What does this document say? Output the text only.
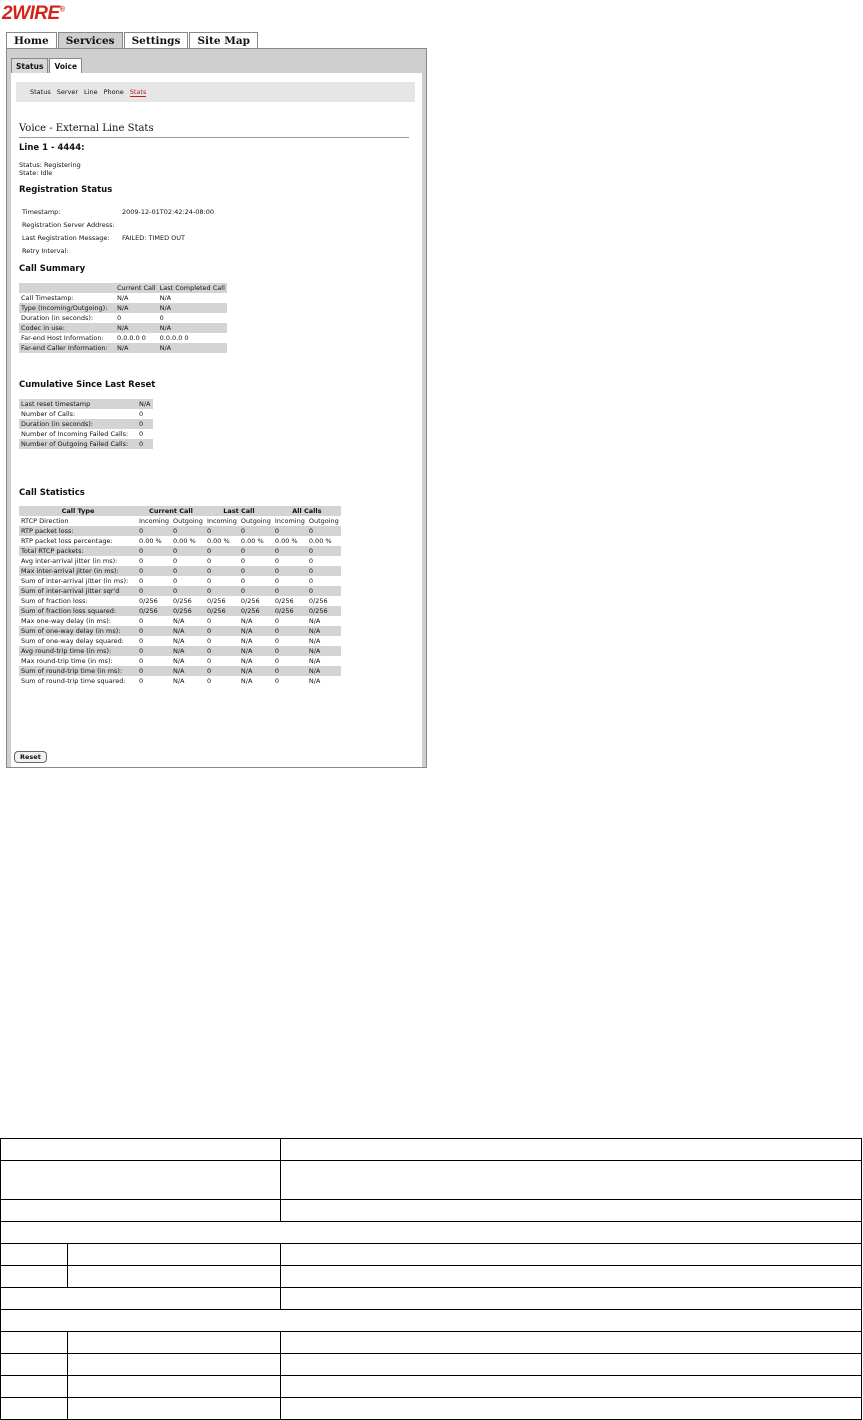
2WIRE®
Home	Services	Settings	Site Map
Status	Voice
Status Server Line Phone Stats
Voice - External Line Stats
Line 1 - 4444:
Status: Registering
State: Idle
Registration Status
Timestamp:	2009-12-01T02:42:24-08:00
Registration Server Address:
Last Registration Message: FAILED: TIMED OUT
Retry Interval:
Call Summary
	Current Call	Last Completed Call
Call Timestamp:	N/A	N/A
Type (Incoming/Outgoing):	N/A	N/A
Duration (in seconds):	0	0
Codec in use:	N/A	N/A
Far-end Host Information:	0.0.0.0 0	0.0.0.0 0
Far-end Caller Information:	N/A	N/A
Cumulative Since Last Reset
Last reset timestamp	N/A
Number of Calls:	0
Duration (in seconds):	0
Number of Incoming Failed Calls:	0
Number of Outgoing Failed Calls:	0
Call Statistics
Call Type	Current Call		Last Call		All Calls	
RTCP Direction	Incoming	Outgoing	Incoming	Outgoing	Incoming	Outgoing
RTP packet loss:	0	0	0	0	0	0
RTP packet loss percentage:	0.00 %	0.00 %	0.00 %	0.00 %	0.00 %	0.00 %
Total RTCP packets:	0	0	0	0	0	0
Avg inter-arrival jitter (in ms):	0	0	0	0	0	0
Max inter-arrival jitter (in ms):	0	0	0	0	0	0
Sum of inter-arrival jitter (in ms):	0	0	0	0	0	0
Sum of inter-arrival jitter sqr'd	0	0	0	0	0	0
Sum of fraction loss:	0/256	0/256	0/256	0/256	0/256	0/256
Sum of fraction loss squared:	0/256	0/256	0/256	0/256	0/256	0/256
Max one-way delay (in ms):	0	N/A	0	N/A	0	N/A
Sum of one-way delay (in ms):	0	N/A	0	N/A	0	N/A
Sum of one-way delay squared:	0	N/A	0	N/A	0	N/A
Avg round-trip time (in ms):	0	N/A	0	N/A	0	N/A
Max round-trip time (in ms):	0	N/A	0	N/A	0	N/A
Sum of round-trip time (in ms):	0	N/A	0	N/A	0	N/A
Sum of round-trip time squared:	0	N/A	0	N/A	0	N/A
Reset
